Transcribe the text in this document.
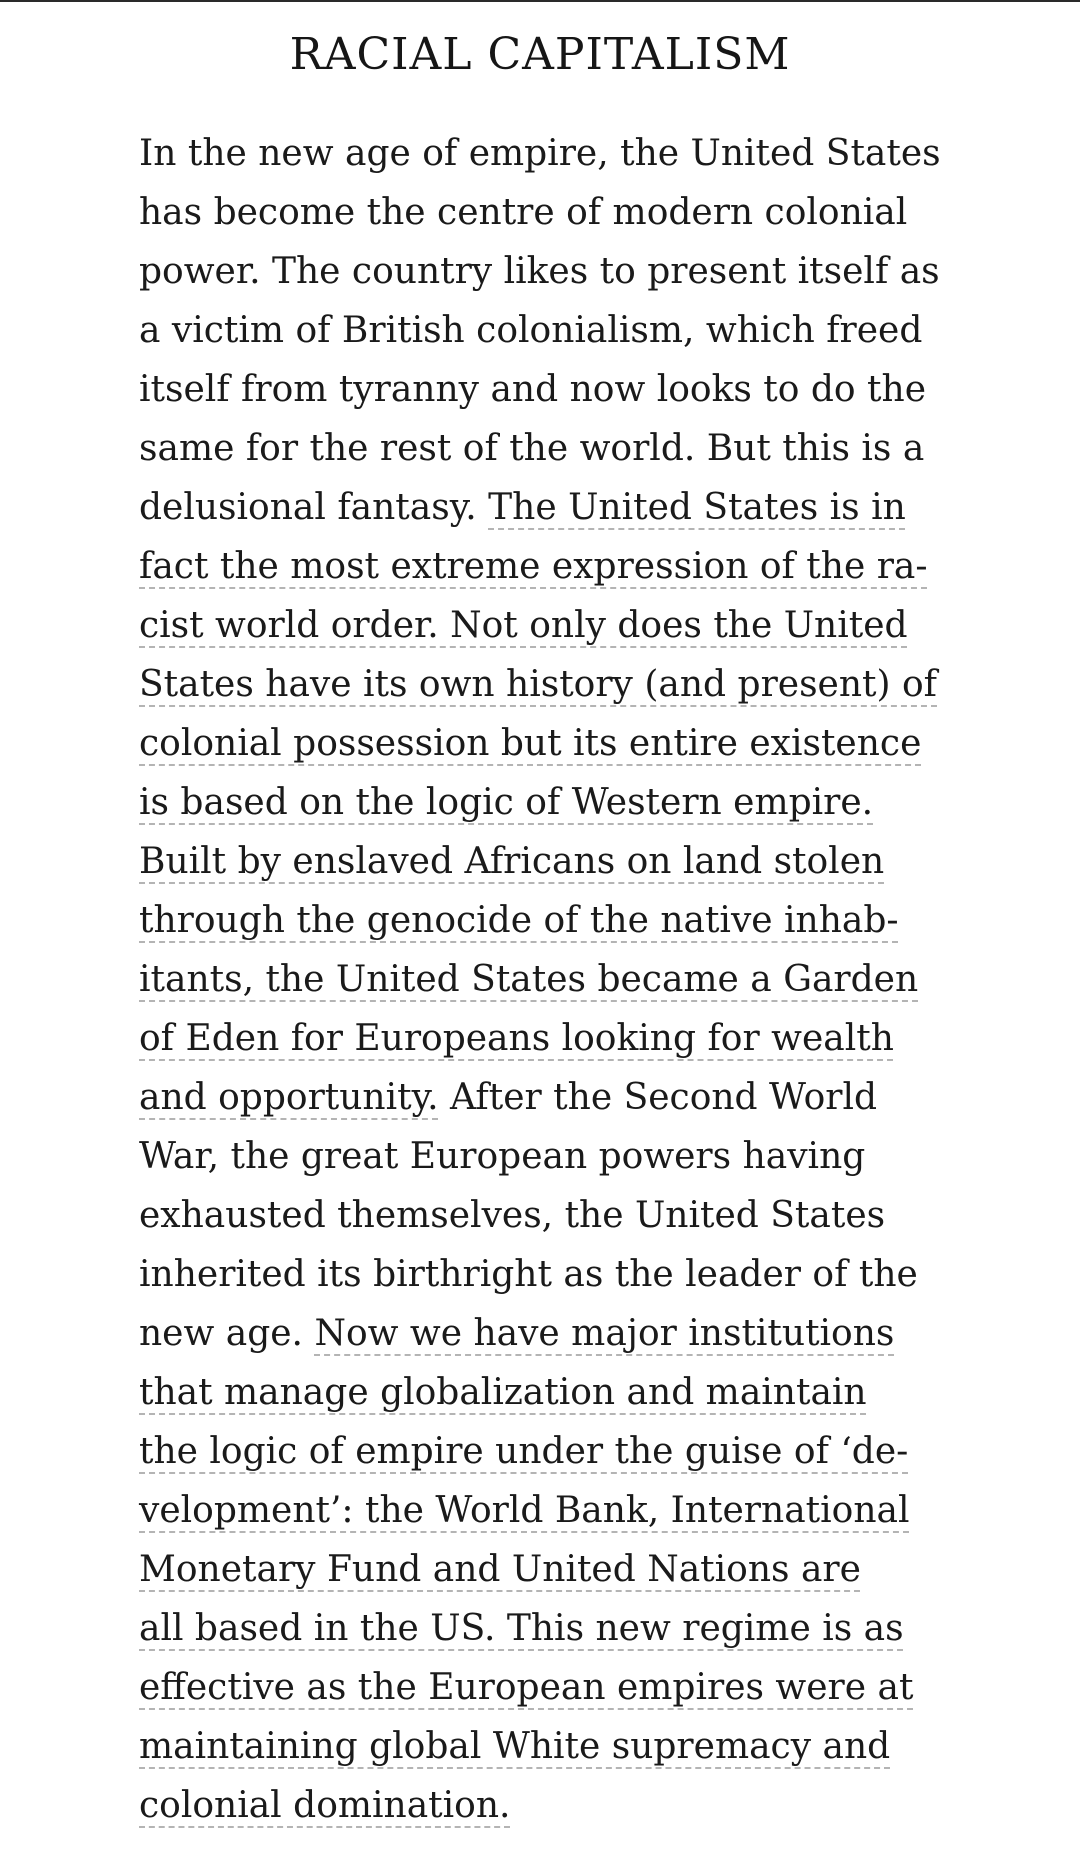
RACIAL CAPITALISM
In the new age of empire, the United States
has become the centre of modern colonial
power. The country likes to present itself as
a victim of British colonialism, which freed
itself from tyranny and now looks to do the
same for the rest of the world. But this is a
delusional fantasy. The United States is in
fact the most extreme expression of the ra-
cist world order. Not only does the United
States have its own history (and present) of
colonial possession but its entire existence
is based on the logic of Western empire.
Built by enslaved Africans on land stolen
through the genocide of the native inhab-
itants, the United States became a Garden
of Eden for Europeans looking for wealth
and opportunity. After the Second World
War, the great European powers having
exhausted themselves, the United States
inherited its birthright as the leader of the
new age. Now we have major institutions
that manage globalization and maintain
the logic of empire under the guise of ‘de-
velopment’: the World Bank, International
Monetary Fund and United Nations are
all based in the US. This new regime is as
effective as the European empires were at
maintaining global White supremacy and
colonial domination.
